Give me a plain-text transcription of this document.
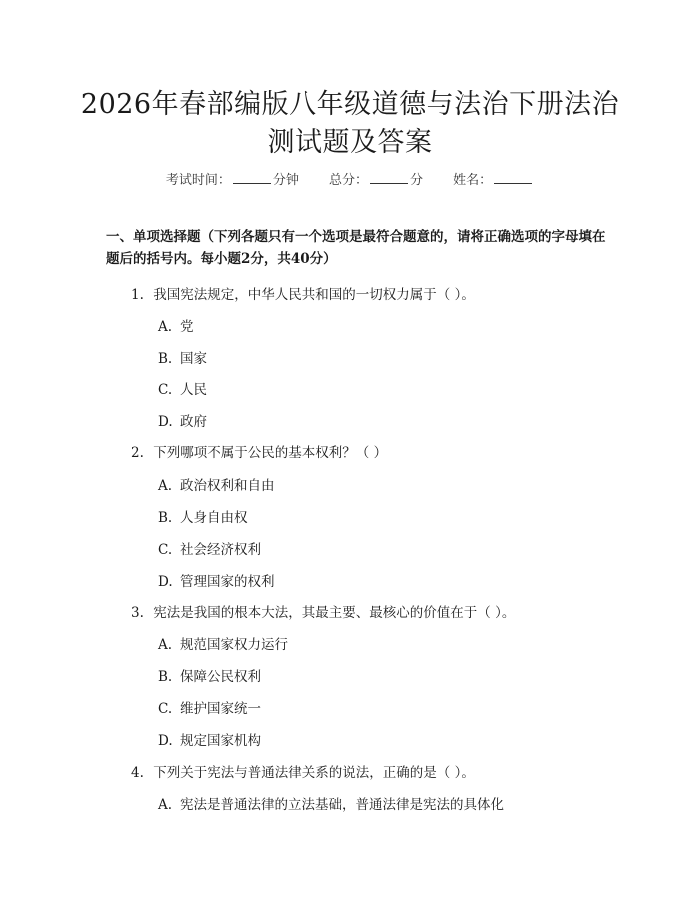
2026年春部编版八年级道德与法治下册法治
测试题及答案
考试时间：	分钟 总分：	分 姓名：
一、单项选择题（下列各题只有一个选项是最符合题意的，请将正确选项的字母填在题后的括号内。每小题2分，共40分）
1. 我国宪法规定，中华人民共和国的一切权力属于（ ）。
A. 党
B. 国家
C. 人民
D. 政府
2. 下列哪项不属于公民的基本权利？（ ）
A. 政治权利和自由
B. 人身自由权
C. 社会经济权利
D. 管理国家的权利
3. 宪法是我国的根本大法，其最主要、最核心的价值在于（ ）。
A. 规范国家权力运行
B. 保障公民权利
C. 维护国家统一
D. 规定国家机构
4. 下列关于宪法与普通法律关系的说法，正确的是（ ）。
A. 宪法是普通法律的立法基础，普通法律是宪法的具体化
